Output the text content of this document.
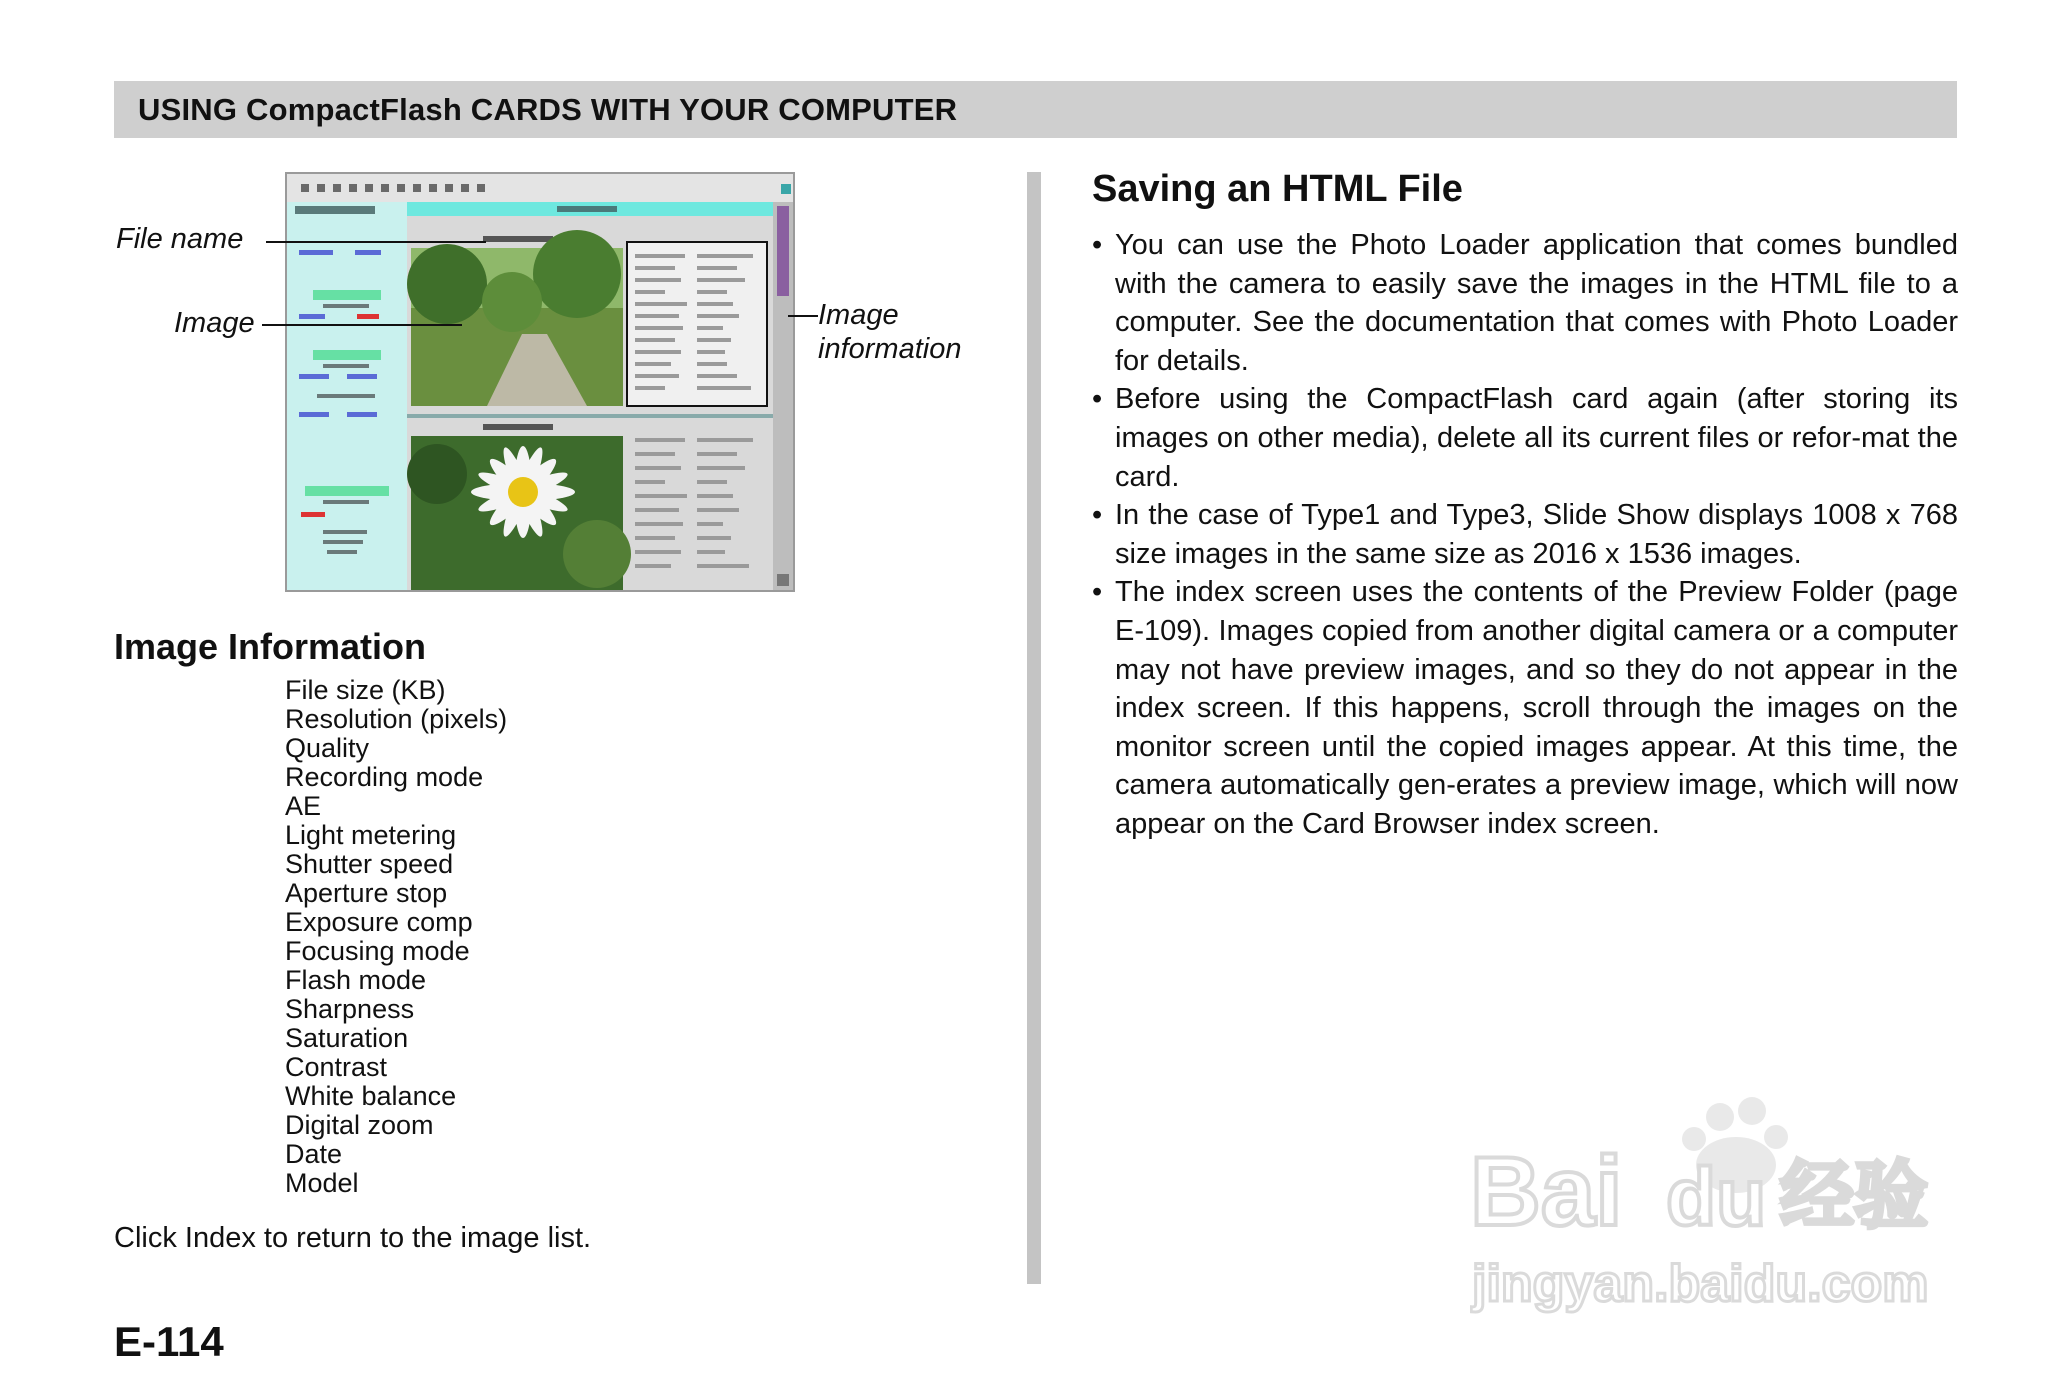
USING CompactFlash CARDS WITH YOUR COMPUTER
File name
Image	Image
information
Image Information
File size (KB)
Resolution (pixels)
Quality
Recording mode
AE
Light metering
Shutter speed
Aperture stop
Exposure comp
Focusing mode
Flash mode
Sharpness
Saturation
Contrast
White balance
Digital zoom
Date
Model
Click Index to return to the image list.
E-114
Saving an HTML File
• You can use the Photo Loader application that comes bundled with the camera to easily save the images in the HTML file to a computer. See the documentation that comes with Photo Loader for details.
• Before using the CompactFlash card again (after storing its images on other media), delete all its current files or refor-mat the card.
• In the case of Type1 and Type3, Slide Show displays 1008 x 768 size images in the same size as 2016 x 1536 images.
• The index screen uses the contents of the Preview Folder (page E-109). Images copied from another digital camera or a computer may not have preview images, and so they do not appear in the index screen. If this happens, scroll through the images on the monitor screen until the copied images appear. At this time, the camera automatically gen-erates a preview image, which will now appear on the Card Browser index screen.
Bai du 经验
jingyan.baidu.com
